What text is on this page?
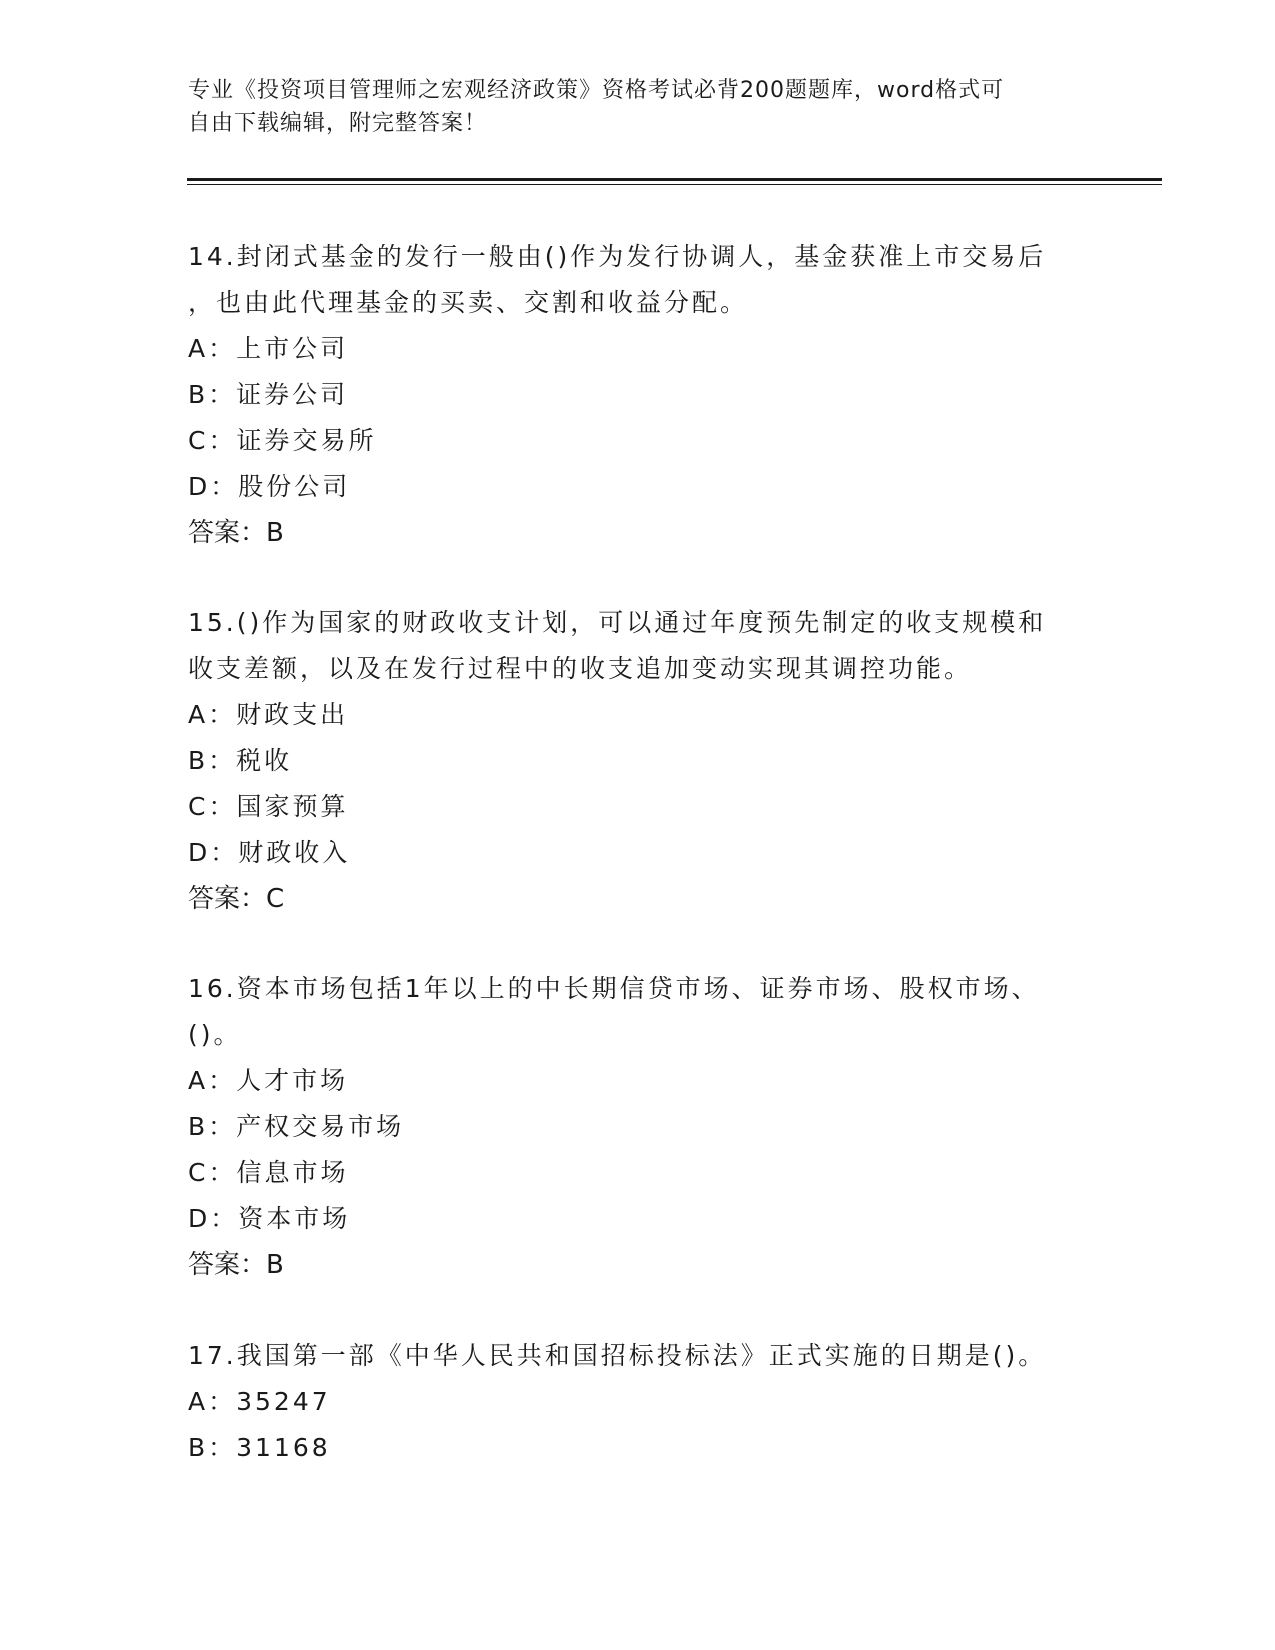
专业《投资项目管理师之宏观经济政策》资格考试必背200题题库，word格式可
自由下载编辑，附完整答案！

14.封闭式基金的发行一般由()作为发行协调人，基金获准上市交易后

，也由此代理基金的买卖、交割和收益分配。

A：上市公司

B：证券公司

C：证券交易所

D：股份公司

答案：B

15.()作为国家的财政收支计划，可以通过年度预先制定的收支规模和

收支差额，以及在发行过程中的收支追加变动实现其调控功能。

A：财政支出

B：税收

C：国家预算

D：财政收入

答案：C

16.资本市场包括1年以上的中长期信贷市场、证券市场、股权市场、

()。

A：人才市场

B：产权交易市场

C：信息市场

D：资本市场

答案：B

17.我国第一部《中华人民共和国招标投标法》正式实施的日期是()。

A：35247

B：31168
